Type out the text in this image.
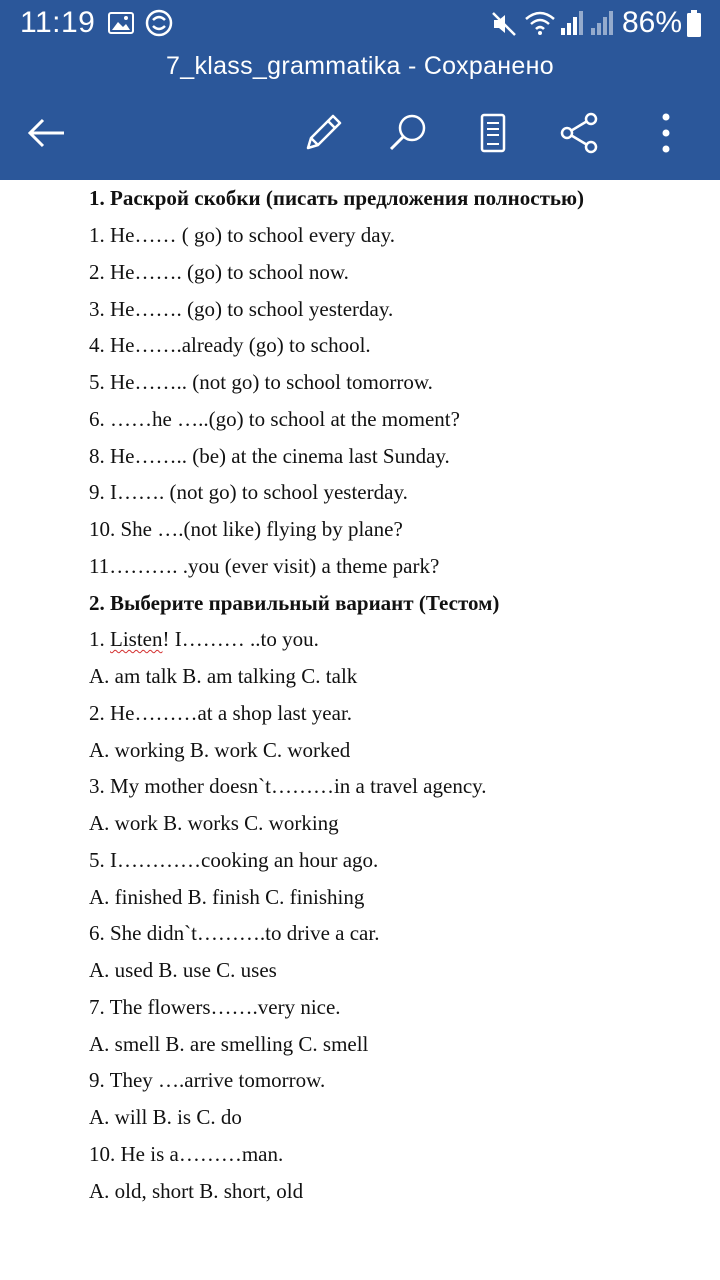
11:19	86%
7_klass_grammatika - Сохранено
1. Раскрой скобки (писать предложения полностью)
1. He…… ( go) to school every day.
2. He……. (go) to school now.
3. He……. (go) to school yesterday.
4. He…….already (go) to school.
5. He…….. (not go) to school tomorrow.
6. ……he …..(go) to school at the moment?
8. He…….. (be) at the cinema last Sunday.
9. I……. (not go) to school yesterday.
10. She ….(not like) flying by plane?
11………. .you (ever visit) a theme park?
2. Выберите правильный вариант (Тестом)
1. Listen! I……… ..to you.
A. am talk B. am talking C. talk
2. He………at a shop last year.
A. working B. work C. worked
3. My mother doesn`t………in a travel agency.
A. work B. works C. working
5. I…………cooking an hour ago.
A. finished B. finish C. finishing
6. She didn`t……….to drive a car.
A. used B. use C. uses
7. The flowers…….very nice.
A. smell B. are smelling C. smell
9. They ….arrive tomorrow.
A. will B. is C. do
10. He is a………man.
A. old, short B. short, old
